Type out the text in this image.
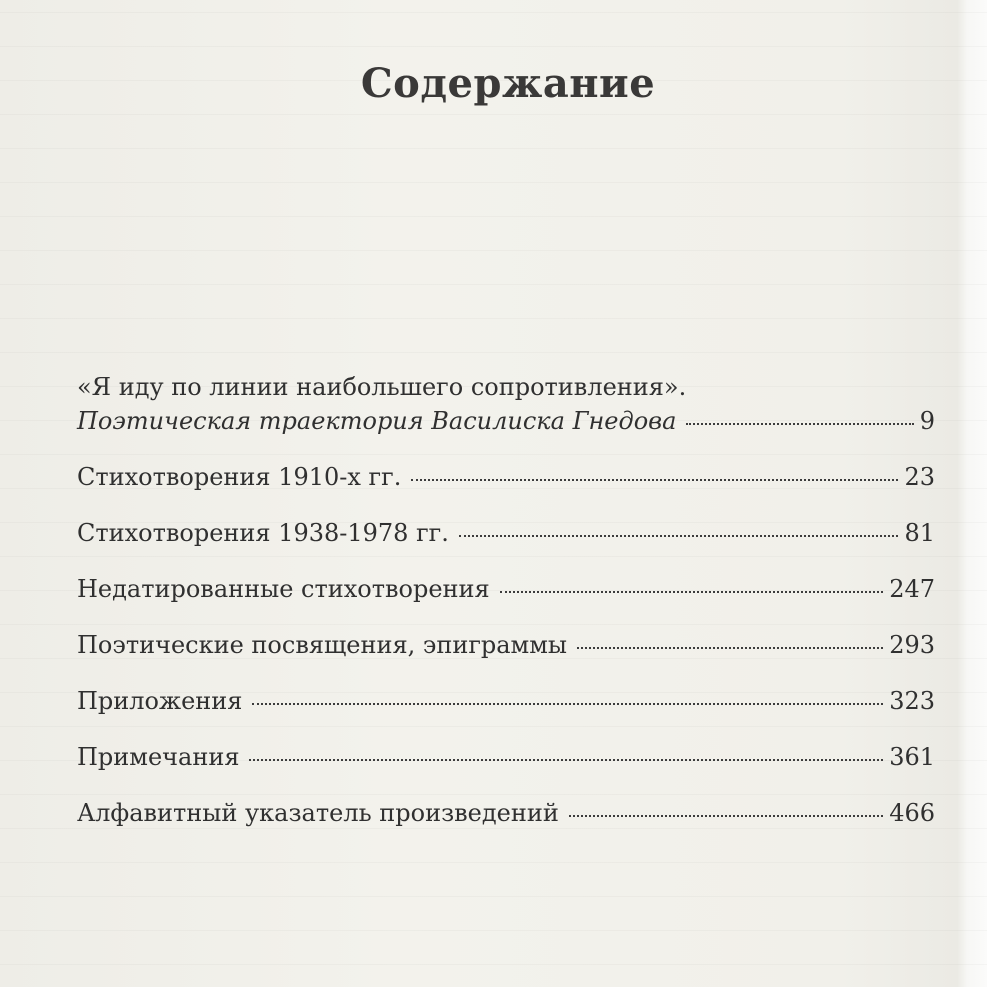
Содержание
«Я иду по линии наибольшего сопротивления».
Поэтическая траектория Василиска Гнедова	9
Стихотворения 1910-х гг.	23
Стихотворения 1938-1978 гг.	81
Недатированные стихотворения	247
Поэтические посвящения, эпиграммы	293
Приложения	323
Примечания	361
Алфавитный указатель произведений	466
